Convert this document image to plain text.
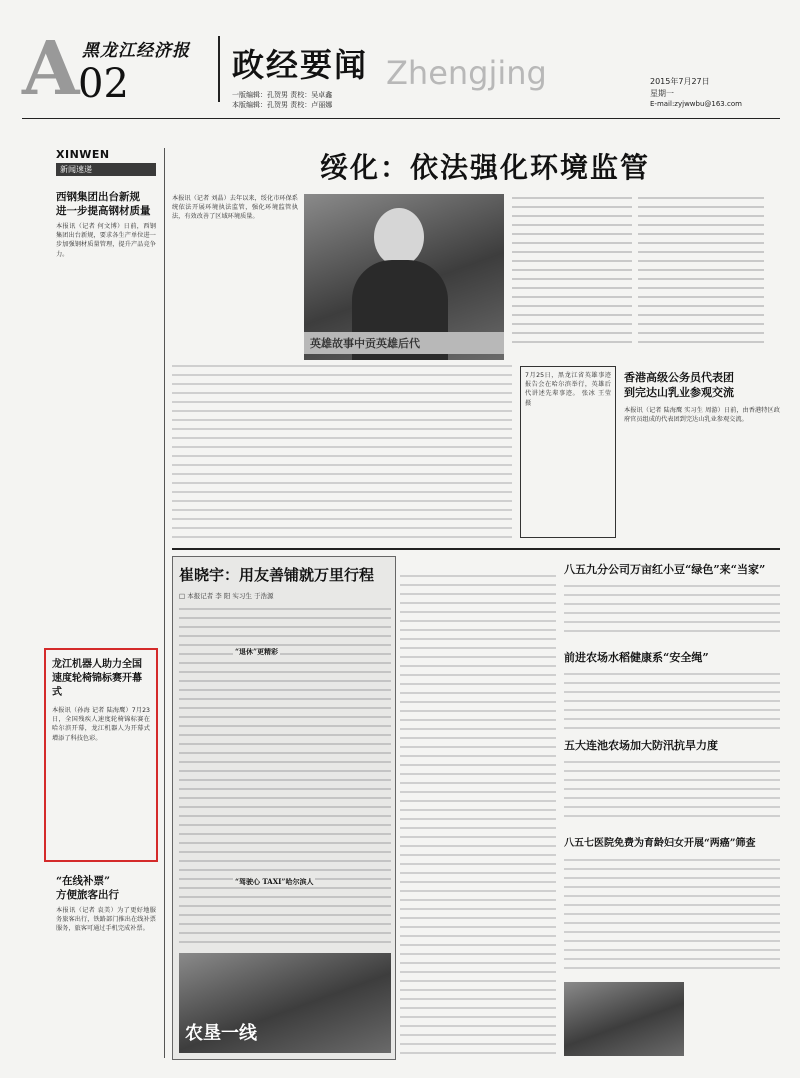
A
02
黑龙江经济报 政经要闻 Zhengjing
一版编辑：孔贺男 责校：吴卓鑫
本版编辑：孔贺男 责校：卢丽娜
2015年7月27日
星期一
E-mail:zyjwwbu@163.com
XINWEN
新闻速递
西钢集团出台新规
进一步提高钢材质量
本报讯（记者 何文博）日前，西钢集团出台新规，要求各生产单位进一步加强钢材质量管理，提升产品竞争力。
龙江机器人助力全国
速度轮椅锦标赛开幕式
本报讯（孙海 记者 陆海鹰）7月23日，全国残疾人速度轮椅锦标赛在哈尔滨开幕，龙江机器人为开幕式增添了科技色彩。
“在线补票”
方便旅客出行
本报讯（记者 袁美）为了更好地服务旅客出行，铁路部门推出在线补票服务，旅客可通过手机完成补票。
绥化：依法强化环境监管
本报讯（记者 刘晶）去年以来，绥化市环保系统依法开展环境执法监管，强化环境监管执法，有效改善了区域环境质量。
英雄故事中贡英雄后代
7月25日，黑龙江省英雄事迹报告会在哈尔滨举行，英雄后代讲述先辈事迹。 张冰 王莹 摄
香港高级公务员代表团
到完达山乳业参观交流
本报讯（记者 陆海鹰 实习生 周游）日前，由香港特区政府官员组成的代表团到完达山乳业参观交流。
崔晓宇：用友善铺就万里行程
□ 本报记者 李 阳 实习生 于浩源
“退休”更精彩
“驾驶心 TAXI”哈尔滨人
农垦一线
八五九分公司万亩红小豆“绿色”来“当家”
前进农场水稻健康系“安全绳”
五大连池农场加大防汛抗旱力度
八五七医院免费为育龄妇女开展“两癌”筛查
